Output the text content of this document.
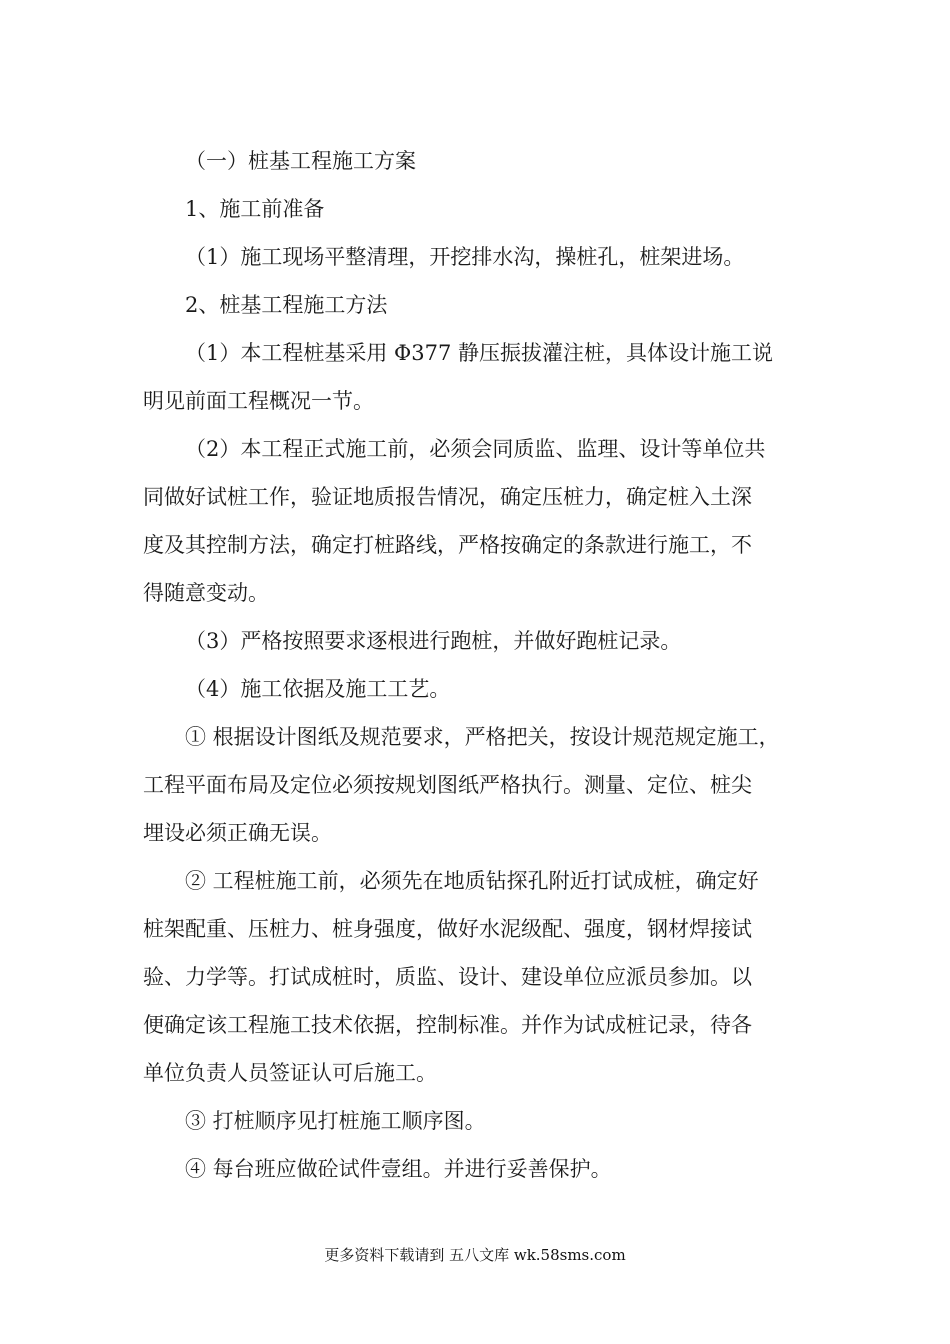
（一）桩基工程施工方案
1、施工前准备
（1）施工现场平整清理，开挖排水沟，操桩孔，桩架进场。
2、桩基工程施工方法
（1）本工程桩基采用 Φ377 静压振拔灌注桩，具体设计施工说
明见前面工程概况一节。
（2）本工程正式施工前，必须会同质监、监理、设计等单位共
同做好试桩工作，验证地质报告情况，确定压桩力，确定桩入土深
度及其控制方法，确定打桩路线，严格按确定的条款进行施工，不
得随意变动。
（3）严格按照要求逐根进行跑桩，并做好跑桩记录。
（4）施工依据及施工工艺。
① 根据设计图纸及规范要求，严格把关，按设计规范规定施工，
工程平面布局及定位必须按规划图纸严格执行。测量、定位、桩尖
埋设必须正确无误。
② 工程桩施工前，必须先在地质钻探孔附近打试成桩，确定好
桩架配重、压桩力、桩身强度，做好水泥级配、强度，钢材焊接试
验、力学等。打试成桩时，质监、设计、建设单位应派员参加。以
便确定该工程施工技术依据，控制标准。并作为试成桩记录，待各
单位负责人员签证认可后施工。
③ 打桩顺序见打桩施工顺序图。
④ 每台班应做砼试件壹组。并进行妥善保护。
更多资料下载请到 五八文库 wk.58sms.com
